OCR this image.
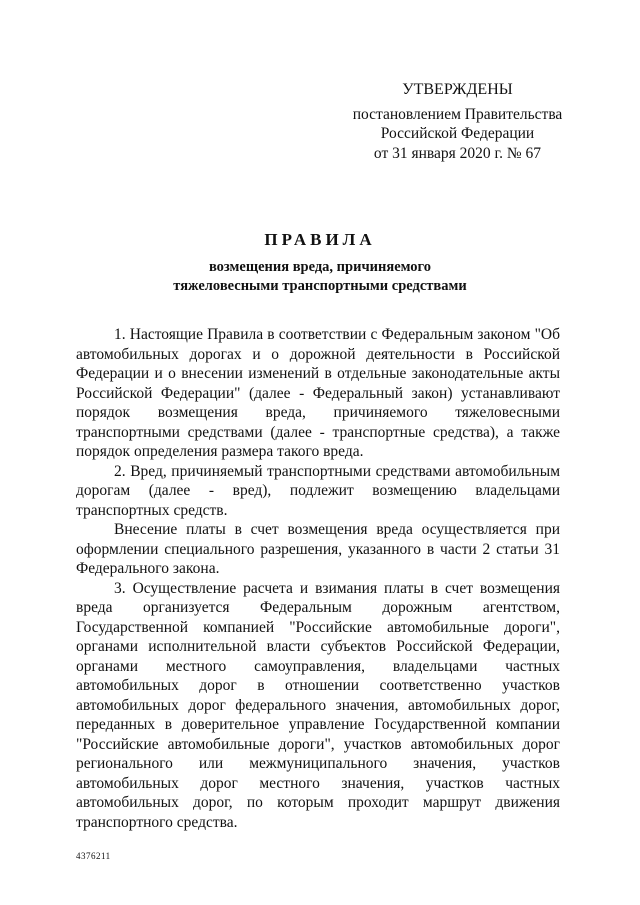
УТВЕРЖДЕНЫ
постановлением Правительства
Российской Федерации
от 31 января 2020 г. № 67
ПРАВИЛА
возмещения вреда, причиняемого
тяжеловесными транспортными средствами

1. Настоящие Правила в соответствии с Федеральным законом "Об автомобильных дорогах и о дорожной деятельности в Российской Федерации и о внесении изменений в отдельные законодательные акты Российской Федерации" (далее - Федеральный закон) устанавливают порядок возмещения вреда, причиняемого тяжеловесными транспортными средствами (далее - транспортные средства), а также порядок определения размера такого вреда.

2. Вред, причиняемый транспортными средствами автомобильным дорогам (далее - вред), подлежит возмещению владельцами транспортных средств.

Внесение платы в счет возмещения вреда осуществляется при оформлении специального разрешения, указанного в части 2 статьи 31 Федерального закона.

3. Осуществление расчета и взимания платы в счет возмещения вреда организуется Федеральным дорожным агентством, Государственной компанией "Российские автомобильные дороги", органами исполнительной власти субъектов Российской Федерации, органами местного самоуправления, владельцами частных автомобильных дорог в отношении соответственно участков автомобильных дорог федерального значения, автомобильных дорог, переданных в доверительное управление Государственной компании "Российские автомобильные дороги", участков автомобильных дорог регионального или межмуниципального значения, участков автомобильных дорог местного значения, участков частных автомобильных дорог, по которым проходит маршрут движения транспортного средства.

4376211
